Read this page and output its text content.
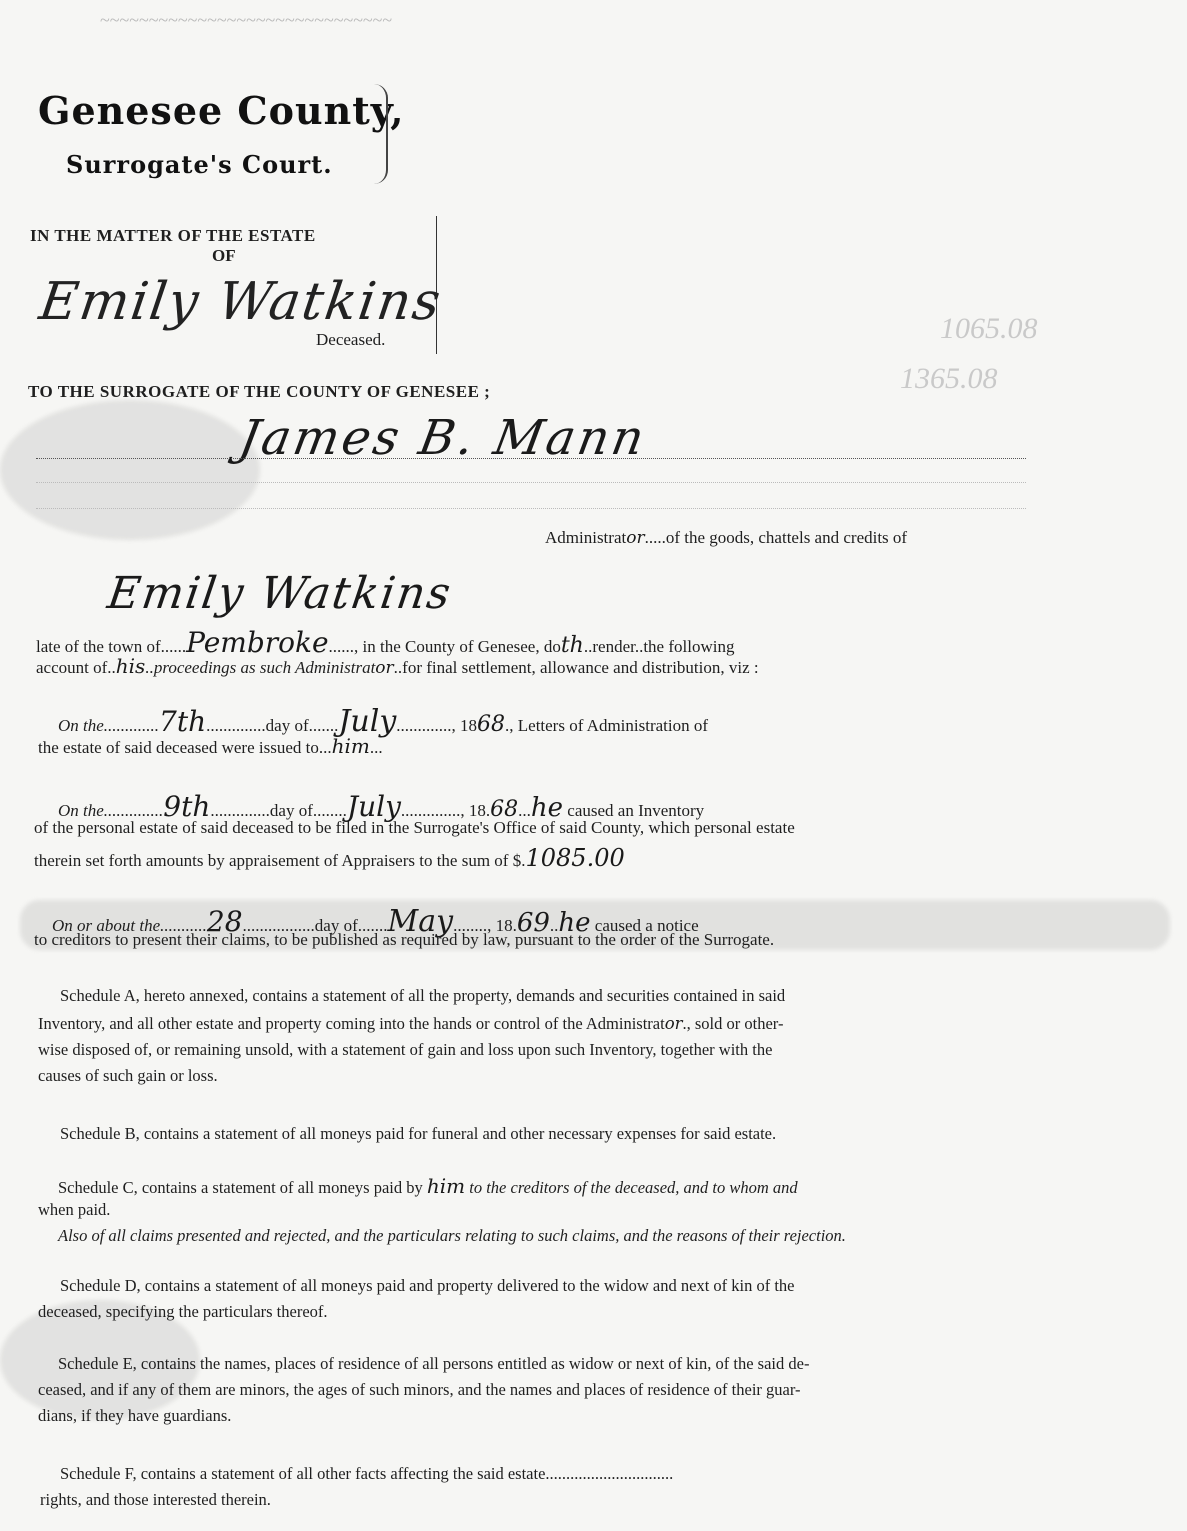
~~~~~~~~~~~~~~~~~~~~~~~~~~~~~~
1065.08
1365.08
Genesee County,
Surrogate's Court.
IN THE MATTER OF THE ESTATE
OF
Emily Watkins
Deceased.
TO THE SURROGATE OF THE COUNTY OF GENESEE ;
James B. Mann
Administrator.....of the goods, chattels and credits of
Emily Watkins
late of the town of......Pembroke......, in the County of Genesee, doth..render..the following
account of..his..proceedings as such Administrator..for final settlement, allowance and distribution, viz :
On the.............7th..............day of.......July............., 1868., Letters of Administration of
the estate of said deceased were issued to...him...
On the..............9th..............day of........July.............., 18.68...he caused an Inventory
of the personal estate of said deceased to be filed in the Surrogate's Office of said County, which personal estate
therein set forth amounts by appraisement of Appraisers to the sum of $.1085.00
On or about the...........28.................day of.......May........, 18.69..he caused a notice
to creditors to present their claims, to be published as required by law, pursuant to the order of the Surrogate.
Schedule A, hereto annexed, contains a statement of all the property, demands and securities contained in said
Inventory, and all other estate and property coming into the hands or control of the Administrator., sold or other-
wise disposed of, or remaining unsold, with a statement of gain and loss upon such Inventory, together with the
causes of such gain or loss.
Schedule B, contains a statement of all moneys paid for funeral and other necessary expenses for said estate.
Schedule C, contains a statement of all moneys paid by him to the creditors of the deceased, and to whom and
when paid.
Also of all claims presented and rejected, and the particulars relating to such claims, and the reasons of their rejection.
Schedule D, contains a statement of all moneys paid and property delivered to the widow and next of kin of the
deceased, specifying the particulars thereof.
Schedule E, contains the names, places of residence of all persons entitled as widow or next of kin, of the said de-
ceased, and if any of them are minors, the ages of such minors, and the names and places of residence of their guar-
dians, if they have guardians.
Schedule F, contains a statement of all other facts affecting the said estate...............................
rights, and those interested therein.
